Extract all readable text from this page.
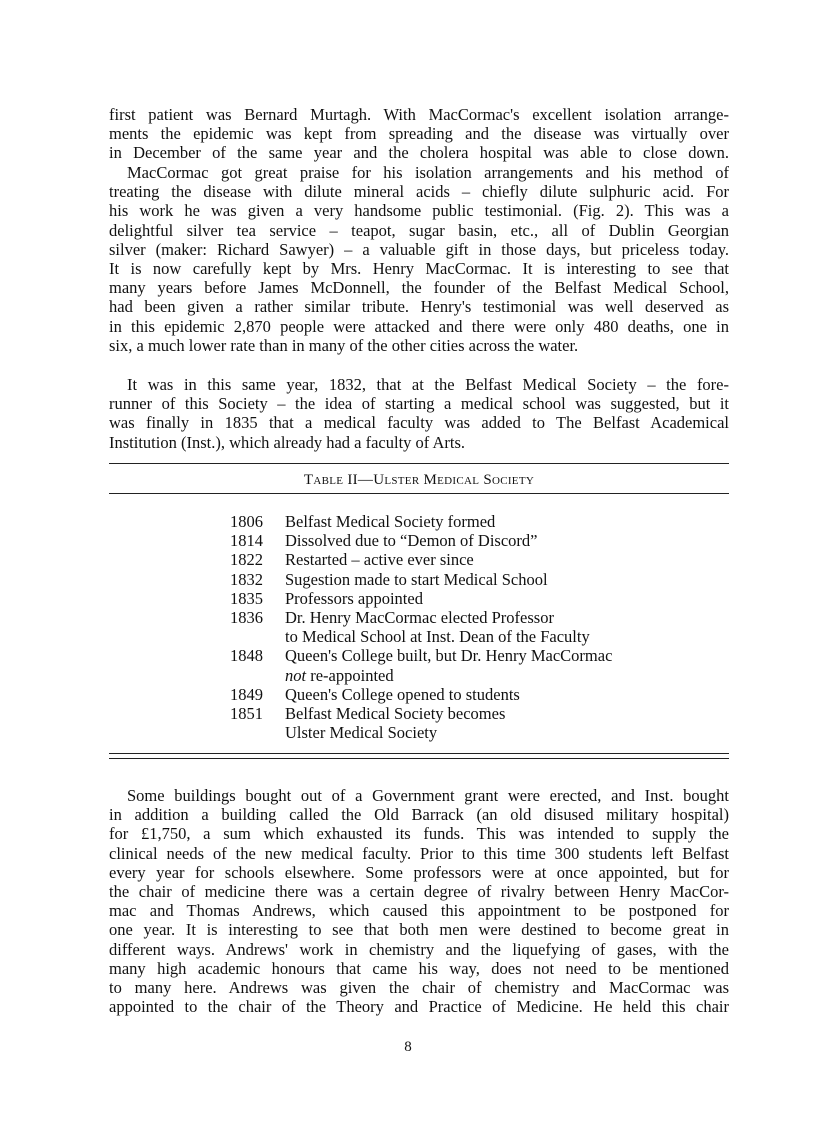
first patient was Bernard Murtagh. With MacCormac's excellent isolation arrange-
ments the epidemic was kept from spreading and the disease was virtually over
in December of the same year and the cholera hospital was able to close down.
MacCormac got great praise for his isolation arrangements and his method of
treating the disease with dilute mineral acids – chiefly dilute sulphuric acid. For
his work he was given a very handsome public testimonial. (Fig. 2). This was a
delightful silver tea service – teapot, sugar basin, etc., all of Dublin Georgian
silver (maker: Richard Sawyer) – a valuable gift in those days, but priceless today.
It is now carefully kept by Mrs. Henry MacCormac. It is interesting to see that
many years before James McDonnell, the founder of the Belfast Medical School,
had been given a rather similar tribute. Henry's testimonial was well deserved as
in this epidemic 2,870 people were attacked and there were only 480 deaths, one in
six, a much lower rate than in many of the other cities across the water.
It was in this same year, 1832, that at the Belfast Medical Society – the fore-
runner of this Society – the idea of starting a medical school was suggested, but it
was finally in 1835 that a medical faculty was added to The Belfast Academical
Institution (Inst.), which already had a faculty of Arts.
Table II—Ulster Medical Society
1806	Belfast Medical Society formed
1814	Dissolved due to “Demon of Discord”
1822	Restarted – active ever since
1832	Sugestion made to start Medical School
1835	Professors appointed
1836	Dr. Henry MacCormac elected Professor
to Medical School at Inst. Dean of the Faculty
1848	Queen's College built, but Dr. Henry MacCormac
not re-appointed
1849	Queen's College opened to students
1851	Belfast Medical Society becomes
Ulster Medical Society
Some buildings bought out of a Government grant were erected, and Inst. bought
in addition a building called the Old Barrack (an old disused military hospital)
for £1,750, a sum which exhausted its funds. This was intended to supply the
clinical needs of the new medical faculty. Prior to this time 300 students left Belfast
every year for schools elsewhere. Some professors were at once appointed, but for
the chair of medicine there was a certain degree of rivalry between Henry MacCor-
mac and Thomas Andrews, which caused this appointment to be postponed for
one year. It is interesting to see that both men were destined to become great in
different ways. Andrews' work in chemistry and the liquefying of gases, with the
many high academic honours that came his way, does not need to be mentioned
to many here. Andrews was given the chair of chemistry and MacCormac was
appointed to the chair of the Theory and Practice of Medicine. He held this chair
8
